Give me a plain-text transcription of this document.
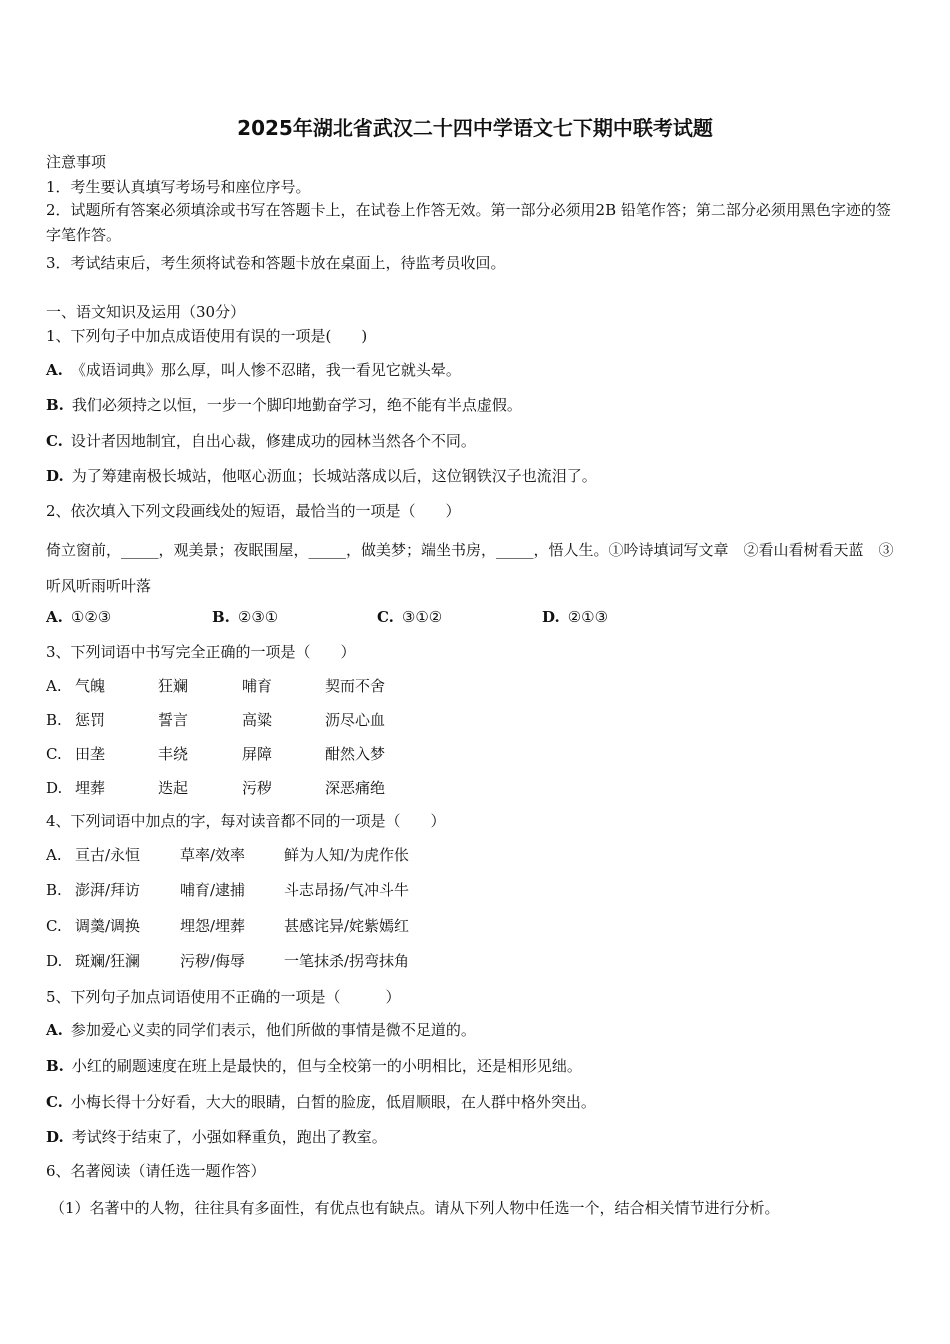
2025年湖北省武汉二十四中学语文七下期中联考试题
注意事项
1．考生要认真填写考场号和座位序号。
2．试题所有答案必须填涂或书写在答题卡上，在试卷上作答无效。第一部分必须用2B 铅笔作答；第二部分必须用黑色字迹的签字笔作答。
3．考试结束后，考生须将试卷和答题卡放在桌面上，待监考员收回。
一、语文知识及运用（30分）
1、下列句子中加点成语使用有误的一项是(　　)
A. 《成语词典》那么厚，叫人惨不忍睹，我一看见它就头晕。
B. 我们必须持之以恒，一步一个脚印地勤奋学习，绝不能有半点虚假。
C. 设计者因地制宜，自出心裁，修建成功的园林当然各个不同。
D. 为了筹建南极长城站，他呕心沥血；长城站落成以后，这位钢铁汉子也流泪了。
2、依次填入下列文段画线处的短语，最恰当的一项是（　　）
倚立窗前，_____，观美景；夜眠围屋，_____，做美梦；端坐书房，_____，悟人生。①吟诗填词写文章　②看山看树看天蓝　③听风听雨听叶落
A. ①②③	B. ②③①	C. ③①②	D. ②①③
3、下列词语中书写完全正确的一项是（　　）
A. 气魄	狂斓	哺育	契而不舍
B. 惩罚	誓言	高粱	沥尽心血
C. 田垄	丰绕	屏障	酣然入梦
D. 埋葬	迭起	污秽	深恶痛绝
4、下列词语中加点的字，每对读音都不同的一项是（　　）
A. 亘古/永恒	草率/效率	鲜为人知/为虎作伥
B. 澎湃/拜访	哺育/逮捕	斗志昂扬/气冲斗牛
C. 调羹/调换	埋怨/埋葬	甚感诧异/姹紫嫣红
D. 斑斓/狂澜	污秽/侮辱	一笔抹杀/拐弯抹角
5、下列句子加点词语使用不正确的一项是（　　　）
A. 参加爱心义卖的同学们表示，他们所做的事情是微不足道的。
B. 小红的刷题速度在班上是最快的，但与全校第一的小明相比，还是相形见绌。
C. 小梅长得十分好看，大大的眼睛，白皙的脸庞，低眉顺眼，在人群中格外突出。
D. 考试终于结束了，小强如释重负，跑出了教室。
6、名著阅读（请任选一题作答）
（1）名著中的人物，往往具有多面性，有优点也有缺点。请从下列人物中任选一个，结合相关情节进行分析。
